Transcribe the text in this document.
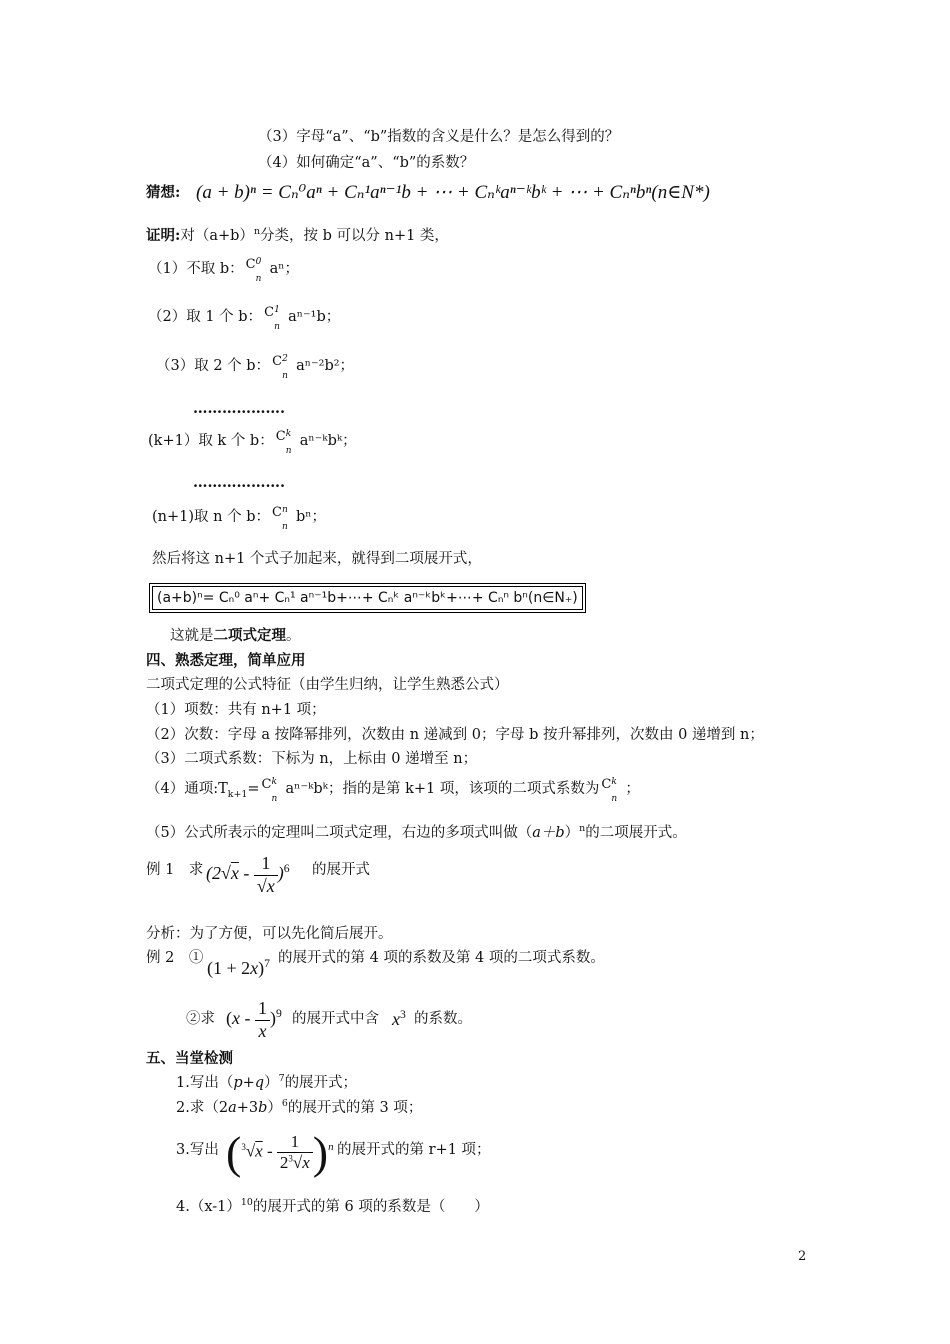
（3）字母“a”、“b”指数的含义是什么？是怎么得到的？
（4）如何确定“a”、“b”的系数？
猜想: (a + b)ⁿ = Cₙ⁰aⁿ + Cₙ¹aⁿ⁻¹b + ⋯ + Cₙᵏaⁿ⁻ᵏbᵏ + ⋯ + Cₙⁿbⁿ(n∈N*)
证明:对$(a+b)^n$分类，按 b 可以分 n+1 类，
（1）不取 b： C 0
n
aⁿ；
（2）取 1 个 b： C 1
n
aⁿ⁻¹b；
（3）取 2 个 b： C 2
n
aⁿ⁻²b²；
……………….
(k+1）取 k 个 b： C k
n
aⁿ⁻ᵏbᵏ；
……………….
(n+1)取 n 个 b： C n
n
bⁿ；
然后将这 n+1 个式子加起来，就得到二项展开式，
(a+b)ⁿ= Cₙ⁰ aⁿ+ Cₙ¹ aⁿ⁻¹b+⋯+ Cₙᵏ aⁿ⁻ᵏbᵏ+⋯+ Cₙⁿ bⁿ(n∈N₊)
这就是二项式定理。
四、熟悉定理，简单应用
二项式定理的公式特征（由学生归纳，让学生熟悉公式）
（1）项数：共有 n+1 项；
（2）次数：字母 a 按降幂排列，次数由 n 递减到 0；字母 b 按升幂排列，次数由 0 递增到 n；
（3）二项式系数：下标为 n，上标由 0 递增至 n；
（4）通项$:T_{k+1}= C$ k
n
aⁿ⁻ᵏbᵏ；指的是第 k+1 项，该项的二项式系数为 C k
n
；
（5）公式所表示的定理叫二项式定理，右边的多项式叫做$(a+b)^n$的二项展开式。
例 1　求 $(2√x - \frac{1}{√x} )^6$ 的展开式
分析：为了方便，可以先化简后展开。
例 2　① $(1 + 2x)^7$ 的展开式的第 4 项的系数及第 4 项的二项式系数。
②求 $(x - \frac{1}{x} )^9$ 的展开式中含 $x^3$ 的系数。
五、当堂检测
1.写出$(p+q)^7$的展开式；
2.求$(2a+3b)^6$的展开式的第 3 项；
3.写出 $(^3√x - \frac{1}{2^3√x} )^n$ 的展开式的第 r+1 项；
$4.(x-1)^{10}$的展开式的第 6 项的系数是（　　）
2
